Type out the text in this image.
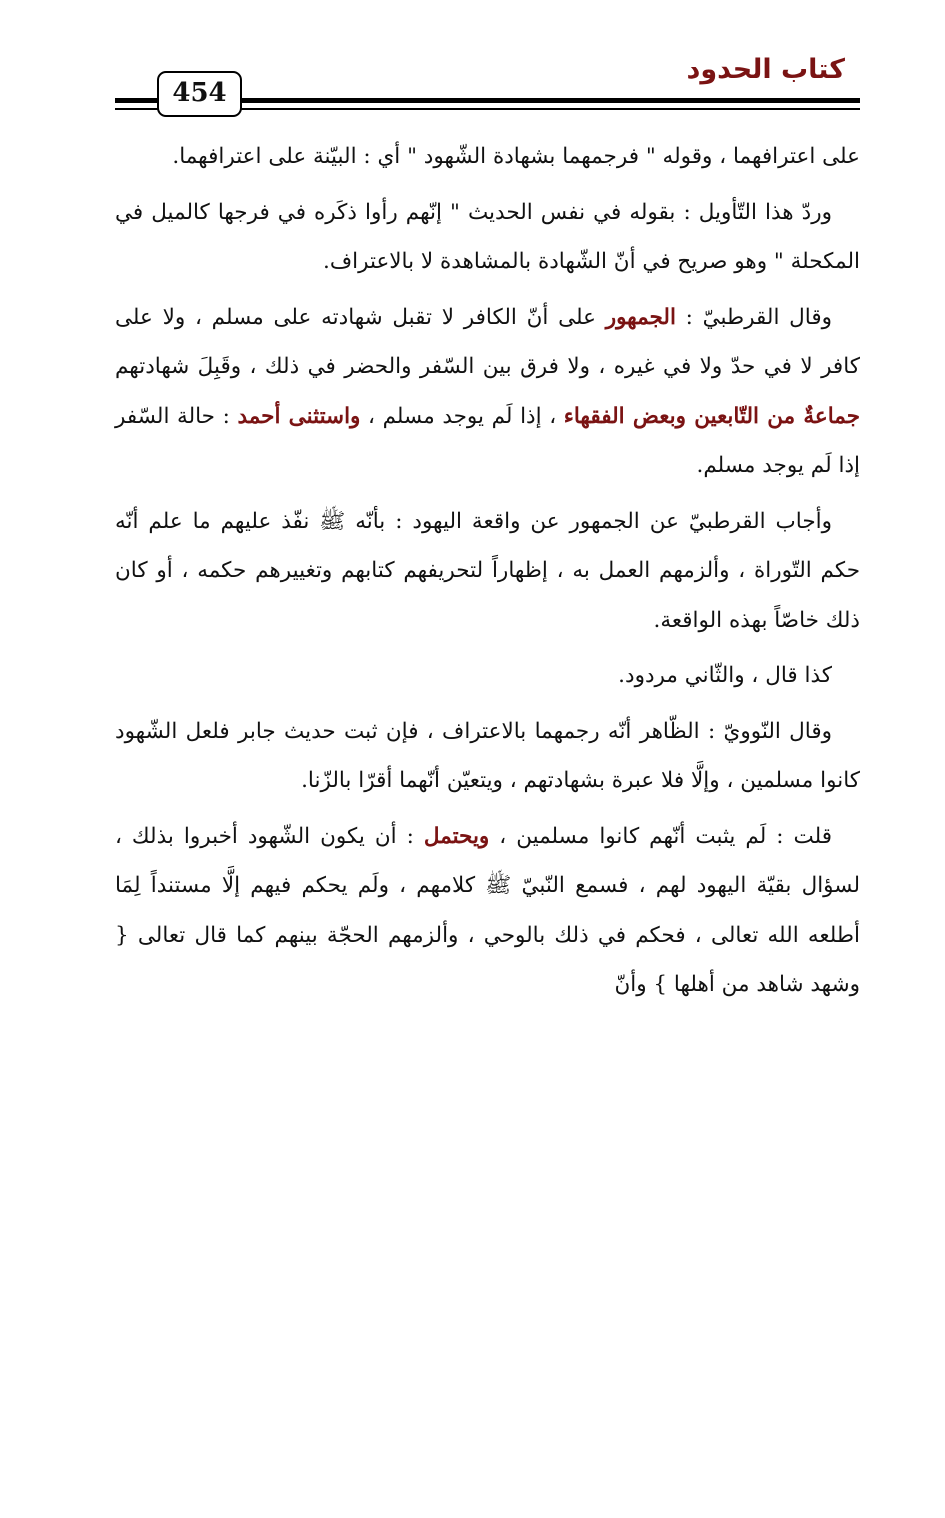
كتاب الحدود
454

على اعترافهما ، وقوله " فرجمهما بشهادة الشّهود " أي : البيّنة على اعترافهما.

وردّ هذا التّأويل : بقوله في نفس الحديث " إنّهم رأوا ذكَره في فرجها كالميل في المكحلة " وهو صريح في أنّ الشّهادة بالمشاهدة لا بالاعتراف.

وقال القرطبيّ : الجمهور على أنّ الكافر لا تقبل شهادته على مسلم ، ولا على كافر لا في حدّ ولا في غيره ، ولا فرق بين السّفر والحضر في ذلك ، وقَبِلَ شهادتهم جماعةٌ من التّابعين وبعض الفقهاء ، إذا لَم يوجد مسلم ، واستثنى أحمد : حالة السّفر إذا لَم يوجد مسلم.

وأجاب القرطبيّ عن الجمهور عن واقعة اليهود : بأنّه ﷺ نفّذ عليهم ما علم أنّه حكم التّوراة ، وألزمهم العمل به ، إظهاراً لتحريفهم كتابهم وتغييرهم حكمه ، أو كان ذلك خاصّاً بهذه الواقعة.

كذا قال ، والثّاني مردود.

وقال النّوويّ : الظّاهر أنّه رجمهما بالاعتراف ، فإن ثبت حديث جابر فلعل الشّهود كانوا مسلمين ، وإلَّا فلا عبرة بشهادتهم ، ويتعيّن أنّهما أقرّا بالزّنا.

قلت : لَم يثبت أنّهم كانوا مسلمين ، ويحتمل : أن يكون الشّهود أخبروا بذلك ، لسؤال بقيّة اليهود لهم ، فسمع النّبيّ ﷺ كلامهم ، ولَم يحكم فيهم إلَّا مستنداً لِمَا أطلعه الله تعالى ، فحكم في ذلك بالوحي ، وألزمهم الحجّة بينهم كما قال تعالى { وشهد شاهد من أهلها } وأنّ
